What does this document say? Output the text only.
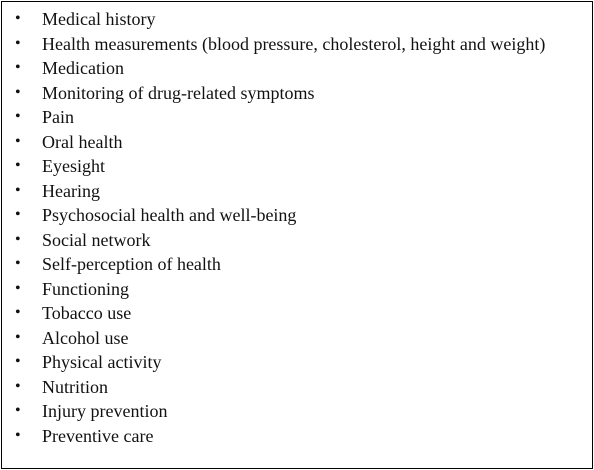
• Medical history
• Health measurements (blood pressure, cholesterol, height and weight)
• Medication
• Monitoring of drug-related symptoms
• Pain
• Oral health
• Eyesight
• Hearing
• Psychosocial health and well-being
• Social network
• Self-perception of health
• Functioning
• Tobacco use
• Alcohol use
• Physical activity
• Nutrition
• Injury prevention
• Preventive care
